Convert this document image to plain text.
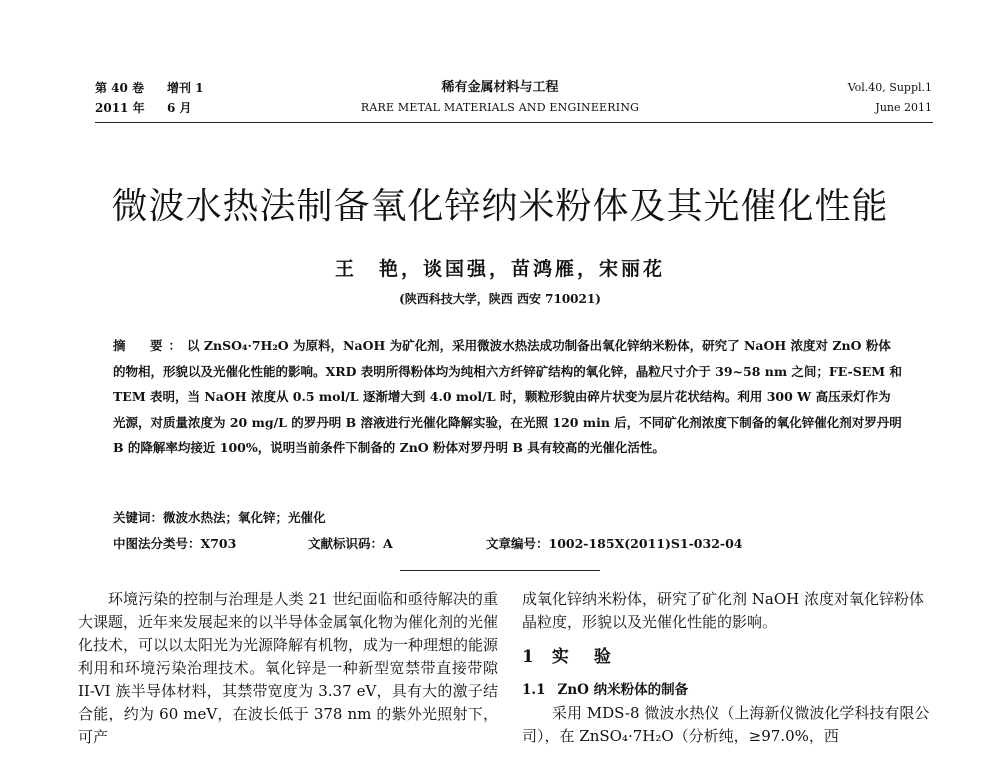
第 40 卷 增刊 1
2011 年 6 月
稀有金属材料与工程
RARE METAL MATERIALS AND ENGINEERING
Vol.40, Suppl.1
June 2011
微波水热法制备氧化锌纳米粉体及其光催化性能
王　艳，谈国强，苗鸿雁，宋丽花
(陕西科技大学，陕西 西安 710021)
摘　要：以 ZnSO₄·7H₂O 为原料，NaOH 为矿化剂，采用微波水热法成功制备出氧化锌纳米粉体，研究了 NaOH 浓度对 ZnO 粉体的物相，形貌以及光催化性能的影响。XRD 表明所得粉体均为纯相六方纤锌矿结构的氧化锌，晶粒尺寸介于 39~58 nm 之间；FE-SEM 和 TEM 表明，当 NaOH 浓度从 0.5 mol/L 逐渐增大到 4.0 mol/L 时，颗粒形貌由碎片状变为层片花状结构。利用 300 W 高压汞灯作为光源，对质量浓度为 20 mg/L 的罗丹明 B 溶液进行光催化降解实验，在光照 120 min 后，不同矿化剂浓度下制备的氧化锌催化剂对罗丹明 B 的降解率均接近 100%，说明当前条件下制备的 ZnO 粉体对罗丹明 B 具有较高的光催化活性。
关键词：微波水热法；氧化锌；光催化
中图法分类号：X703	文献标识码：A	文章编号：1002-185X(2011)S1-032-04

环境污染的控制与治理是人类 21 世纪面临和亟待解决的重大课题，近年来发展起来的以半导体金属氧化物为催化剂的光催化技术，可以以太阳光为光源降解有机物，成为一种理想的能源利用和环境污染治理技术。氧化锌是一种新型宽禁带直接带隙 II-VI 族半导体材料，其禁带宽度为 3.37 eV，具有大的激子结合能，约为 60 meV，在波长低于 378 nm 的紫外光照射下，可产

成氧化锌纳米粉体，研究了矿化剂 NaOH 浓度对氧化锌粉体晶粒度，形貌以及光催化性能的影响。

1 实　验
1.1 ZnO 纳米粉体的制备

采用 MDS-8 微波水热仪（上海新仪微波化学科技有限公司），在 ZnSO₄·7H₂O（分析纯，≥97.0%，西
